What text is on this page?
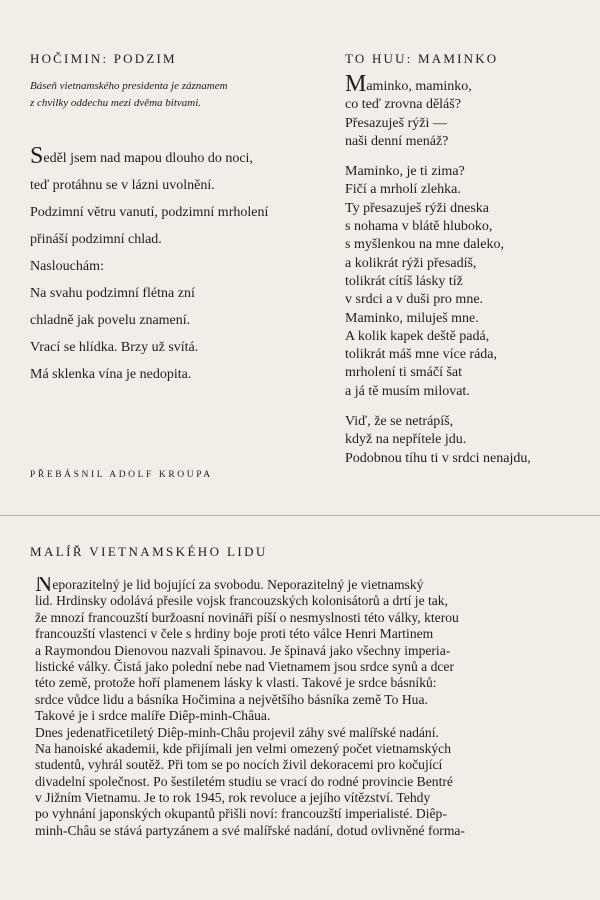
HOČIMIN: PODZIM
Báseň vietnamského presidenta je záznamem
z chvilky oddechu mezi dvěma bitvami.
Seděl jsem nad mapou dlouho do noci,
teď protáhnu se v lázni uvolnění.
Podzimní větru vanutí, podzimní mrholení
přináší podzimní chlad.
Naslouchám:
Na svahu podzimní flétna zní
chladně jak povelu znamení.
Vrací se hlídka. Brzy už svítá.
Má sklenka vína je nedopita.
PŘEBÁSNIL ADOLF KROUPA
TO HUU: MAMINKO
Maminko, maminko,
co teď zrovna děláš?
Přesazuješ rýži —
naši denní menáž?
Maminko, je ti zima?
Fičí a mrholí zlehka.
Ty přesazuješ rýži dneska
s nohama v blátě hluboko,
s myšlenkou na mne daleko,
a kolikrát rýži přesadíš,
tolikrát cítíš lásky tíž
v srdci a v duši pro mne.
Maminko, miluješ mne.
A kolik kapek deště padá,
tolikrát máš mne více ráda,
mrholení ti smáčí šat
a já tě musím milovat.
Viď, že se netrápíš,
když na nepřítele jdu.
Podobnou tíhu ti v srdci nenajdu,
MALÍŘ VIETNAMSKÉHO LIDU
Neporazitelný je lid bojující za svobodu. Neporazitelný je vietnamský
lid. Hrdinsky odolává přesile vojsk francouzských kolonisátorů a drtí je tak,
že mnozí francouzští buržoasní novináři píší o nesmyslnosti této války, kterou
francouzští vlastenci v čele s hrdiny boje proti této válce Henri Martinem
a Raymondou Dienovou nazvali špinavou. Je špinavá jako všechny imperia-
listické války. Čistá jako polední nebe nad Vietnamem jsou srdce synů a dcer
této země, protože hoří plamenem lásky k vlasti. Takové je srdce básníků:
srdce vůdce lidu a básníka Hočimina a největšího básníka země To Hua.
Takové je i srdce malíře Diêp-minh-Châua.
Dnes jedenatřicetiletý Diêp-minh-Châu projevil záhy své malířské nadání.
Na hanoiské akademii, kde přijímali jen velmi omezený počet vietnamských
studentů, vyhrál soutěž. Při tom se po nocích živil dekoracemi pro kočující
divadelní společnost. Po šestiletém studiu se vrací do rodné provincie Bentré
v Jižním Vietnamu. Je to rok 1945, rok revoluce a jejího vítězství. Tehdy
po vyhnání japonských okupantů přišli noví: francouzští imperialisté. Diêp-
minh-Châu se stává partyzánem a své malířské nadání, dotud ovlivněné forma-
